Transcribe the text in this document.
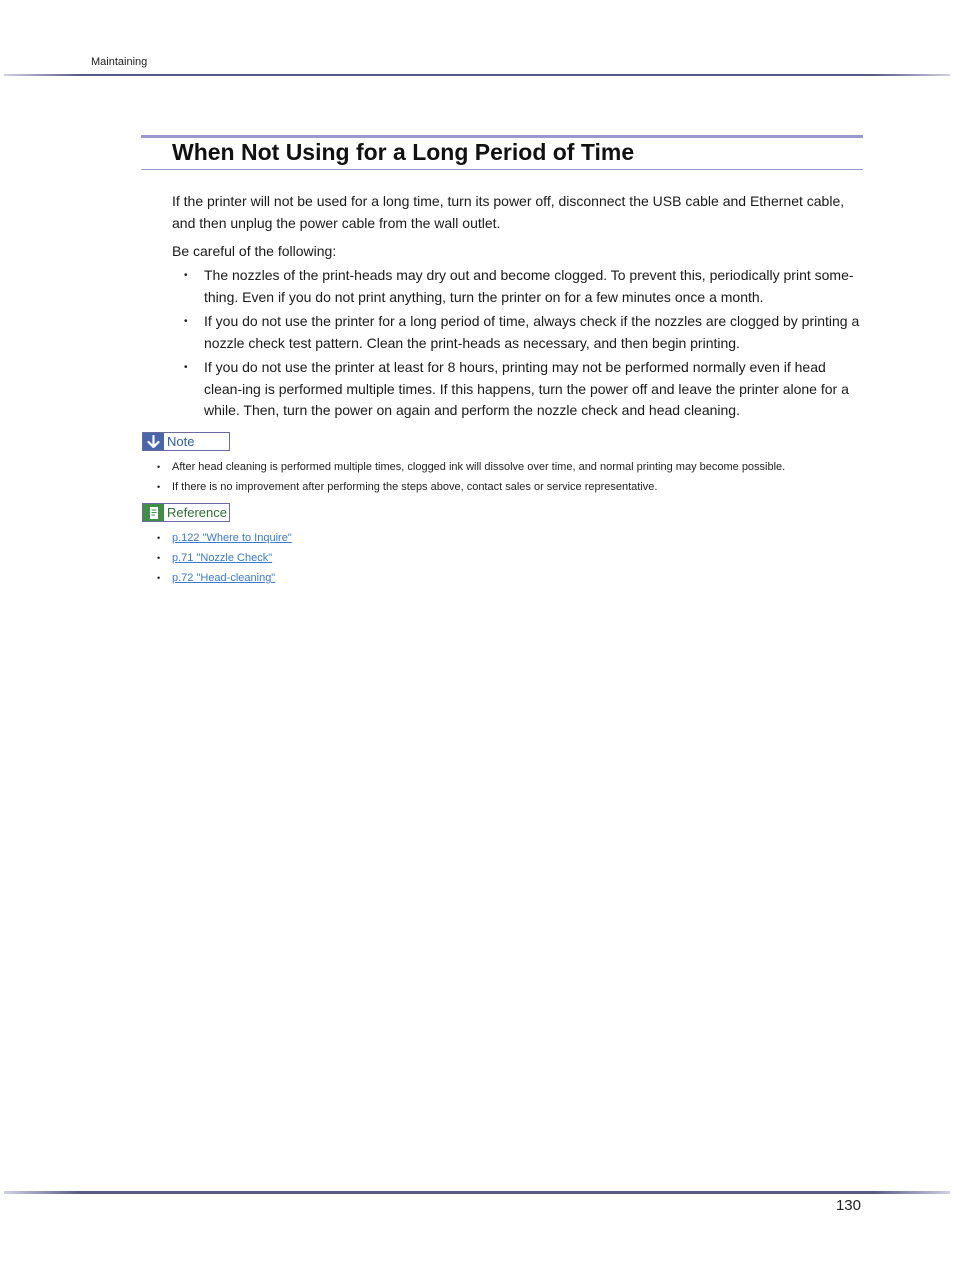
Maintaining
When Not Using for a Long Period of Time
If the printer will not be used for a long time, turn its power off, disconnect the USB cable and Ethernet cable, and then unplug the power cable from the wall outlet.
Be careful of the following:
• The nozzles of the print-heads may dry out and become clogged. To prevent this, periodically print some-thing. Even if you do not print anything, turn the printer on for a few minutes once a month.
• If you do not use the printer for a long period of time, always check if the nozzles are clogged by printing a nozzle check test pattern. Clean the print-heads as necessary, and then begin printing.
• If you do not use the printer at least for 8 hours, printing may not be performed normally even if head clean-ing is performed multiple times. If this happens, turn the power off and leave the printer alone for a while. Then, turn the power on again and perform the nozzle check and head cleaning.
Note
• After head cleaning is performed multiple times, clogged ink will dissolve over time, and normal printing may become possible.
• If there is no improvement after performing the steps above, contact sales or service representative.
Reference
• p.122 "Where to Inquire"
• p.71 "Nozzle Check"
• p.72 "Head-cleaning"
130
